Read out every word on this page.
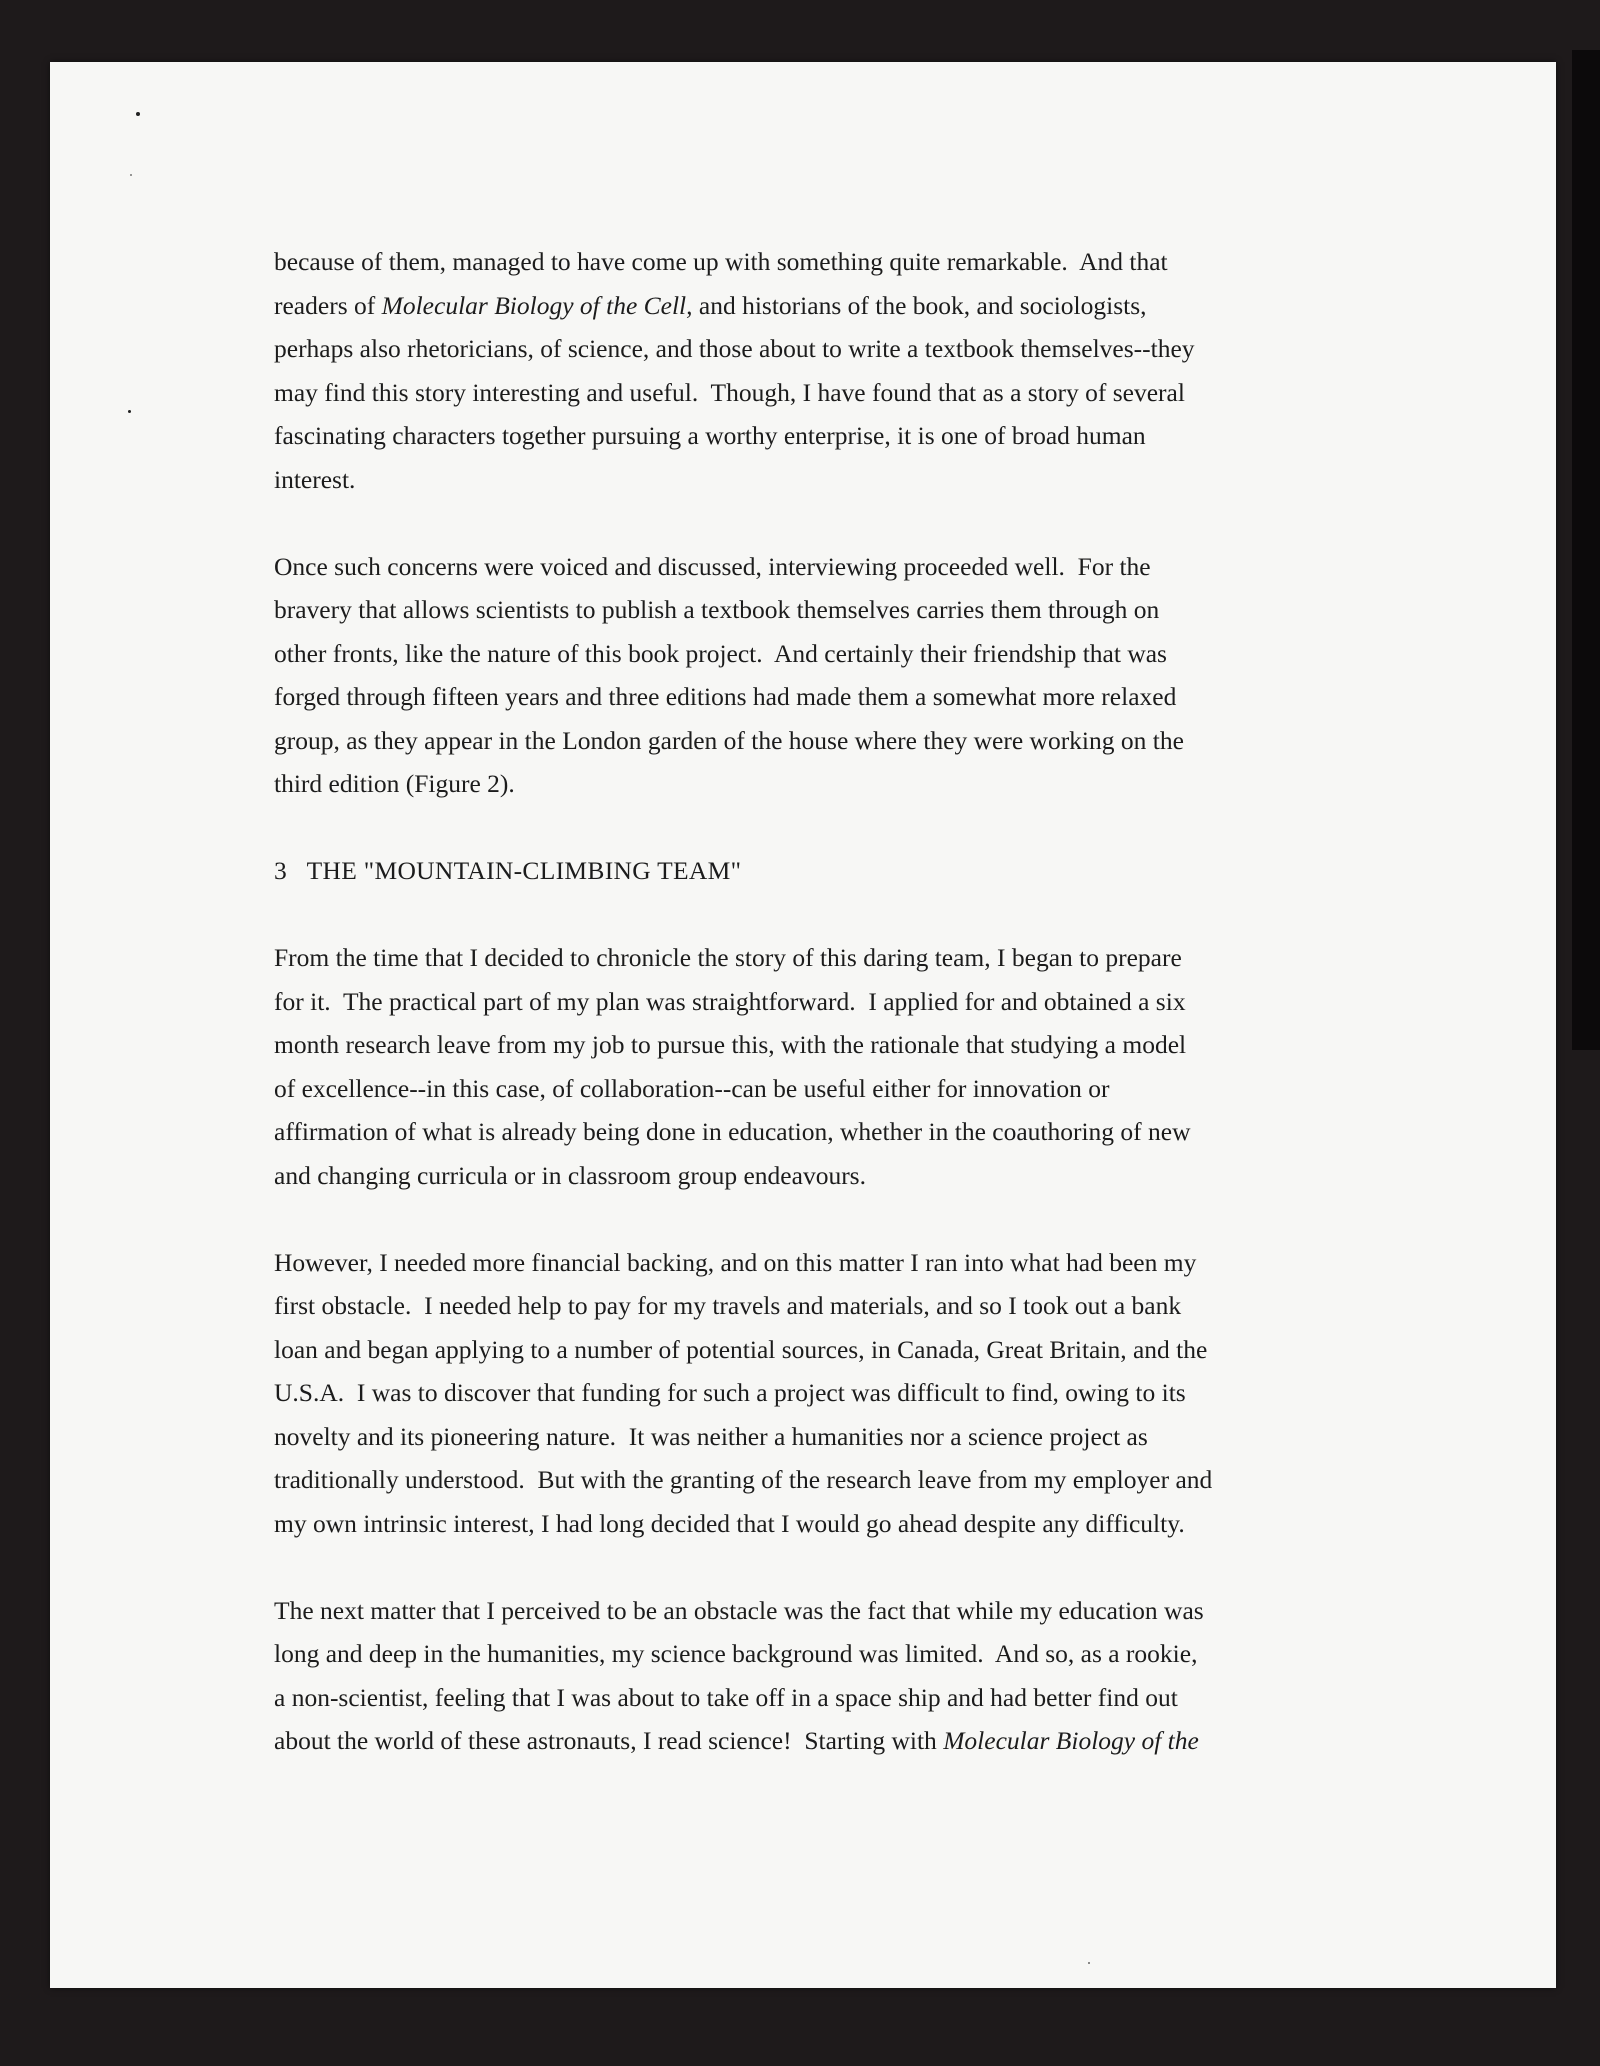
because of them, managed to have come up with something quite remarkable.  And that
readers of Molecular Biology of the Cell, and historians of the book, and sociologists,
perhaps also rhetoricians, of science, and those about to write a textbook themselves--they
may find this story interesting and useful.  Though, I have found that as a story of several
fascinating characters together pursuing a worthy enterprise, it is one of broad human
interest.

Once such concerns were voiced and discussed, interviewing proceeded well.  For the
bravery that allows scientists to publish a textbook themselves carries them through on
other fronts, like the nature of this book project.  And certainly their friendship that was
forged through fifteen years and three editions had made them a somewhat more relaxed
group, as they appear in the London garden of the house where they were working on the
third edition (Figure 2).

3   THE "MOUNTAIN-CLIMBING TEAM"

From the time that I decided to chronicle the story of this daring team, I began to prepare
for it.  The practical part of my plan was straightforward.  I applied for and obtained a six
month research leave from my job to pursue this, with the rationale that studying a model
of excellence--in this case, of collaboration--can be useful either for innovation or
affirmation of what is already being done in education, whether in the coauthoring of new
and changing curricula or in classroom group endeavours.

However, I needed more financial backing, and on this matter I ran into what had been my
first obstacle.  I needed help to pay for my travels and materials, and so I took out a bank
loan and began applying to a number of potential sources, in Canada, Great Britain, and the
U.S.A.  I was to discover that funding for such a project was difficult to find, owing to its
novelty and its pioneering nature.  It was neither a humanities nor a science project as
traditionally understood.  But with the granting of the research leave from my employer and
my own intrinsic interest, I had long decided that I would go ahead despite any difficulty.

The next matter that I perceived to be an obstacle was the fact that while my education was
long and deep in the humanities, my science background was limited.  And so, as a rookie,
a non-scientist, feeling that I was about to take off in a space ship and had better find out
about the world of these astronauts, I read science!  Starting with Molecular Biology of the
